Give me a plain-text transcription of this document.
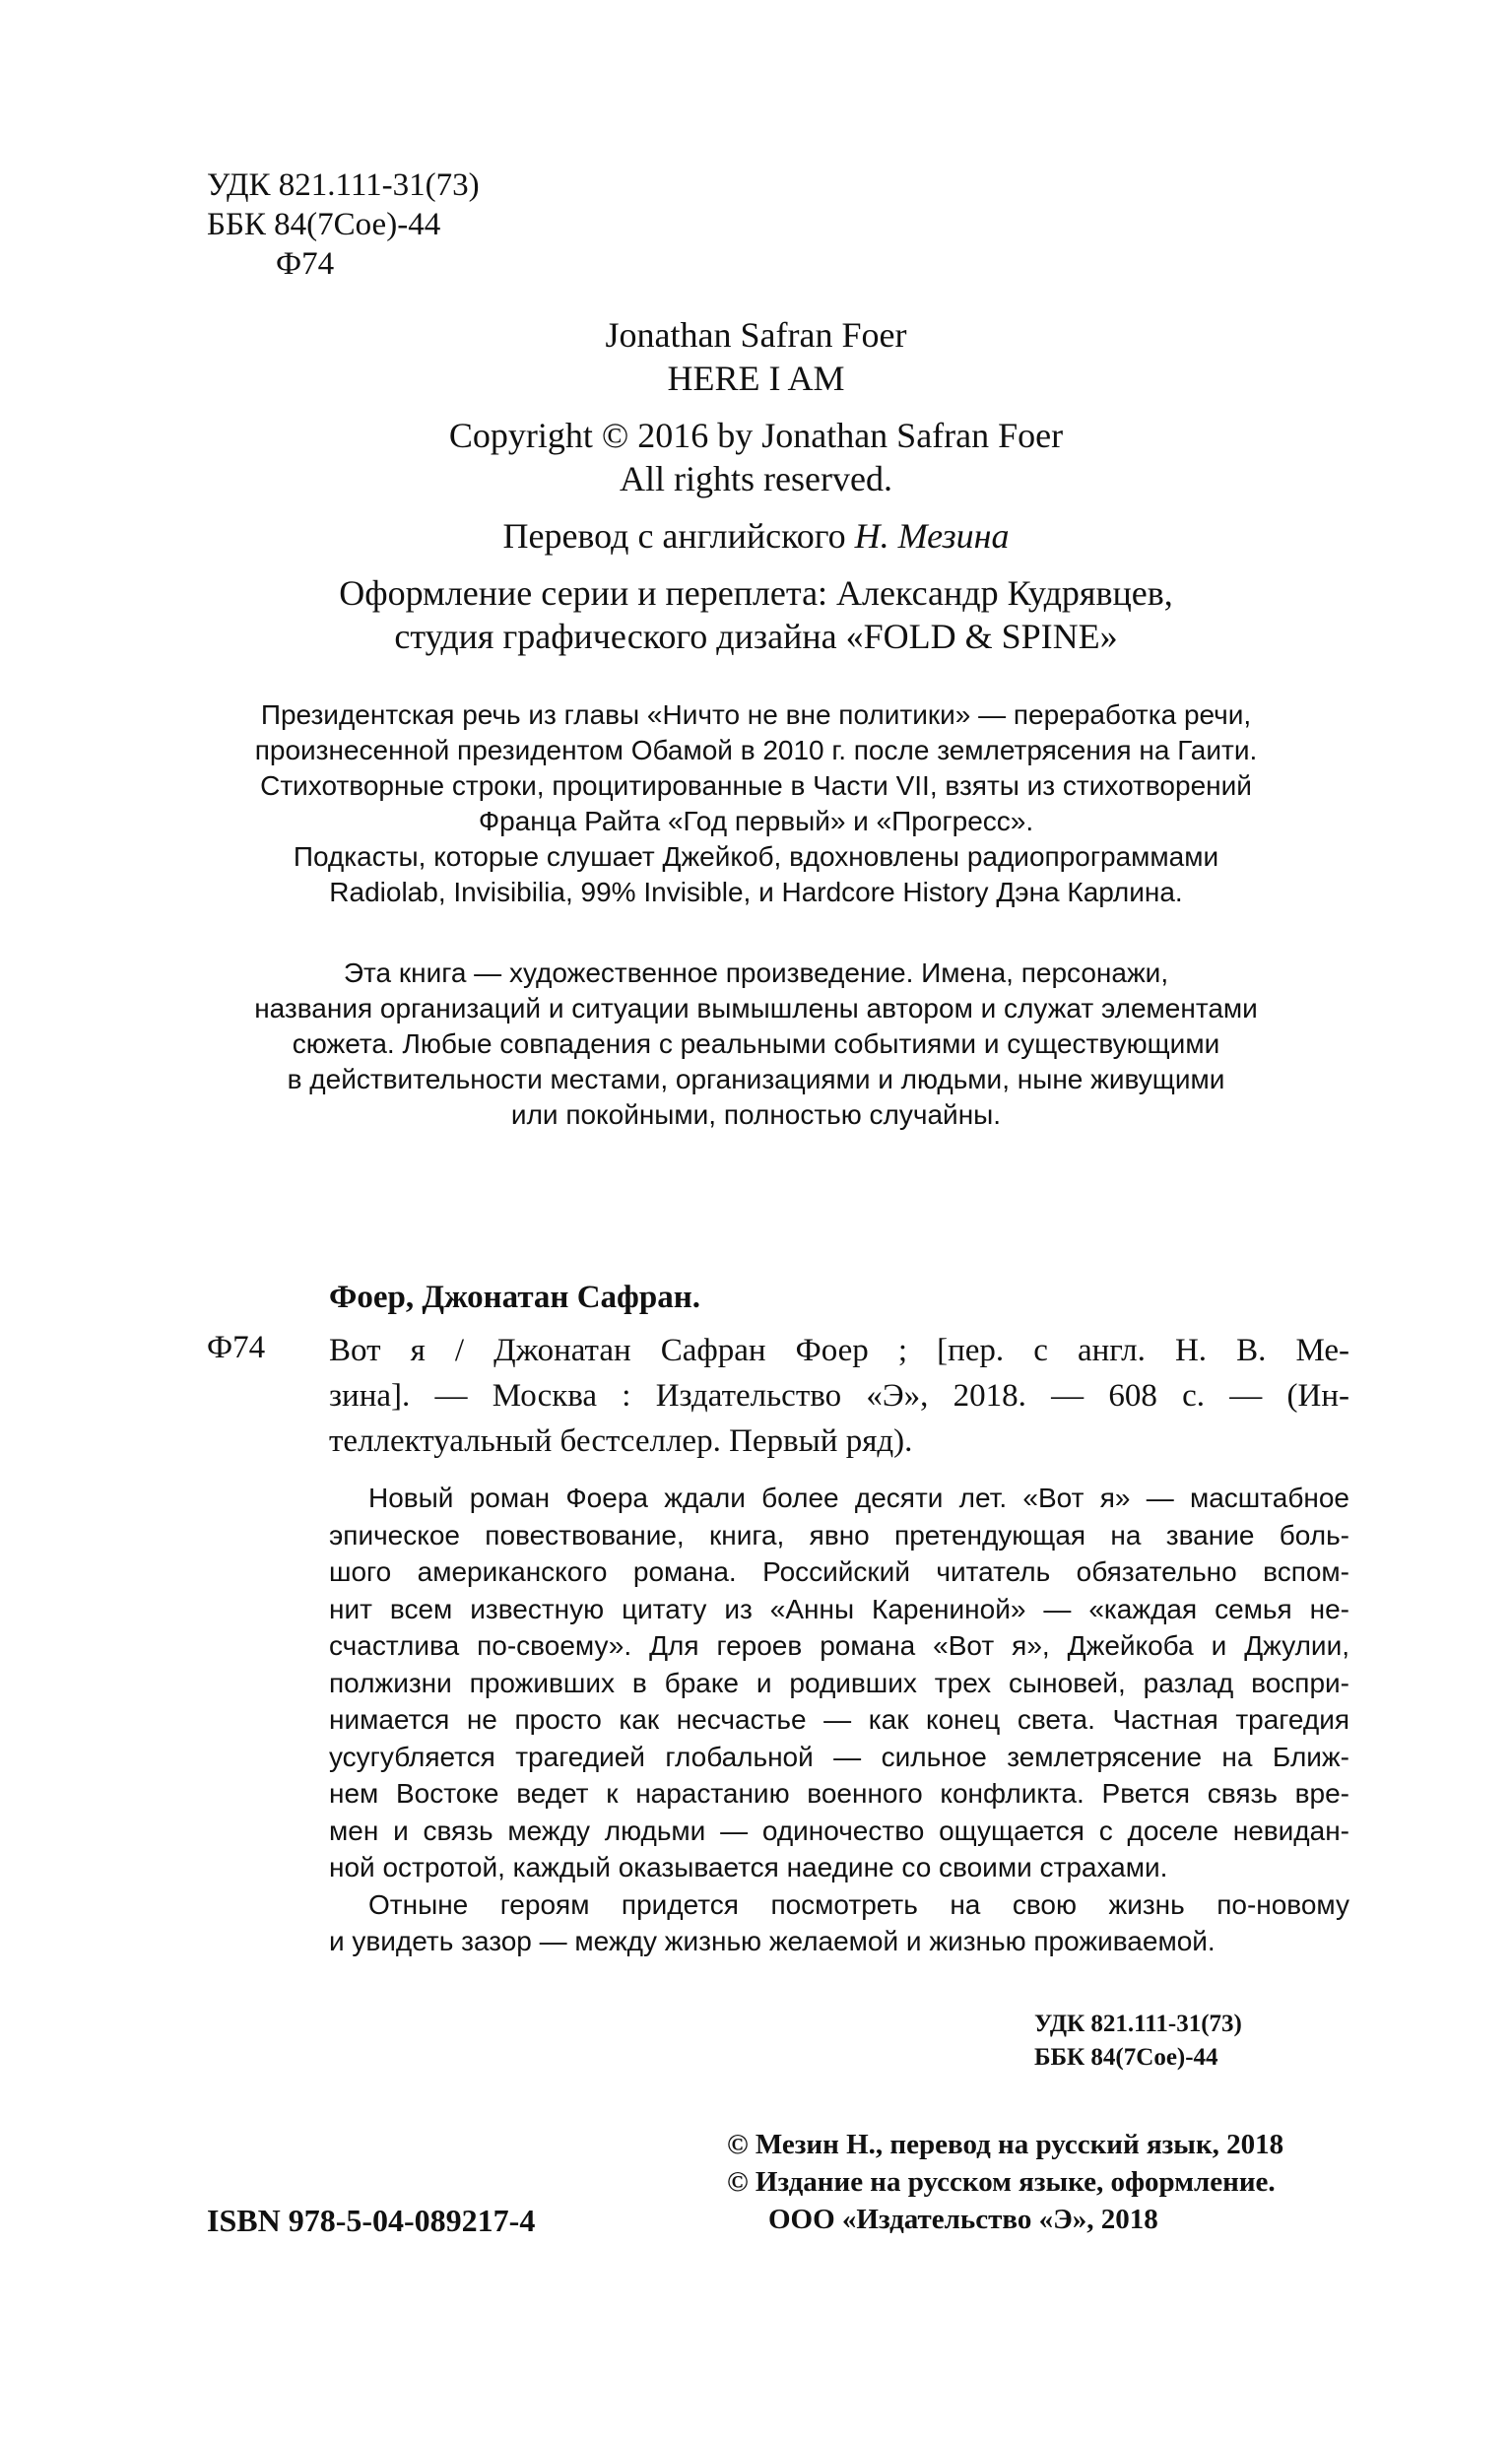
УДК 821.111-31(73)
ББК 84(7Сое)-44
Ф74
Jonathan Safran Foer
HERE I AM
Copyright © 2016 by Jonathan Safran Foer
All rights reserved.
Перевод с английского Н. Мезина
Оформление серии и переплета: Александр Кудрявцев,
студия графического дизайна «FOLD & SPINE»
Президентская речь из главы «Ничто не вне политики» — переработка речи,
произнесенной президентом Обамой в 2010 г. после землетрясения на Гаити.
Стихотворные строки, процитированные в Части VII, взяты из стихотворений
Франца Райта «Год первый» и «Прогресс».
Подкасты, которые слушает Джейкоб, вдохновлены радиопрограммами
Radiolab, Invisibilia, 99% Invisible, и Hardcore History Дэна Карлина.
Эта книга — художественное произведение. Имена, персонажи,
названия организаций и ситуации вымышлены автором и служат элементами
сюжета. Любые совпадения с реальными событиями и существующими
в действительности местами, организациями и людьми, ныне живущими
или покойными, полностью случайны.
Фоер, Джонатан Сафран.
Ф74 Вот я / Джонатан Сафран Фоер ; [пер. с англ. Н. В. Ме-
зина]. — Москва : Издательство «Э», 2018. — 608 с. — (Ин-
теллектуальный бестселлер. Первый ряд).
Новый роман Фоера ждали более десяти лет. «Вот я» — масштабное
эпическое повествование, книга, явно претендующая на звание боль-
шого американского романа. Российский читатель обязательно вспом-
нит всем известную цитату из «Анны Карениной» — «каждая семья не-
счастлива по-своему». Для героев романа «Вот я», Джейкоба и Джулии,
полжизни проживших в браке и родивших трех сыновей, разлад воспри-
нимается не просто как несчастье — как конец света. Частная трагедия
усугубляется трагедией глобальной — сильное землетрясение на Ближ-
нем Востоке ведет к нарастанию военного конфликта. Рвется связь вре-
мен и связь между людьми — одиночество ощущается с доселе невидан-
ной остротой, каждый оказывается наедине со своими страхами.
Отныне героям придется посмотреть на свою жизнь по-новому
и увидеть зазор — между жизнью желаемой и жизнью проживаемой.
УДК 821.111-31(73)
ББК 84(7Сое)-44
© Мезин Н., перевод на русский язык, 2018
© Издание на русском языке, оформление.
ООО «Издательство «Э», 2018
ISBN 978-5-04-089217-4
